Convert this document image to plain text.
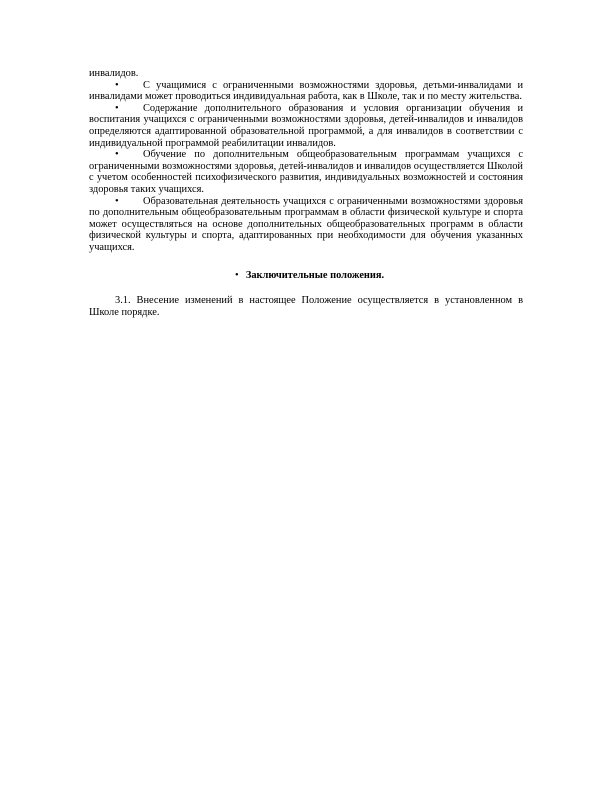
инвалидов.

• С учащимися с ограниченными возможностями здоровья, детьми-инвалидами и инвалидами может проводиться индивидуальная работа, как в Школе, так и по месту жительства.

• Содержание дополнительного образования и условия организации обучения и воспитания учащихся с ограниченными возможностями здоровья, детей-инвалидов и инвалидов определяются адаптированной образовательной программой, а для инвалидов в соответствии с индивидуальной программой реабилитации инвалидов.

• Обучение по дополнительным общеобразовательным программам учащихся с ограниченными возможностями здоровья, детей-инвалидов и инвалидов осуществляется Школой с учетом особенностей психофизического развития, индивидуальных возможностей и состояния здоровья таких учащихся.

• Образовательная деятельность учащихся с ограниченными возможностями здоровья по дополнительным общеобразовательным программам в области физической культуре и спорта может осуществляться на основе дополнительных общеобразовательных программ в области физической культуры и спорта, адаптированных при необходимости для обучения указанных учащихся.

• Заключительные положения.

3.1. Внесение изменений в настоящее Положение осуществляется в установленном в Школе порядке.
